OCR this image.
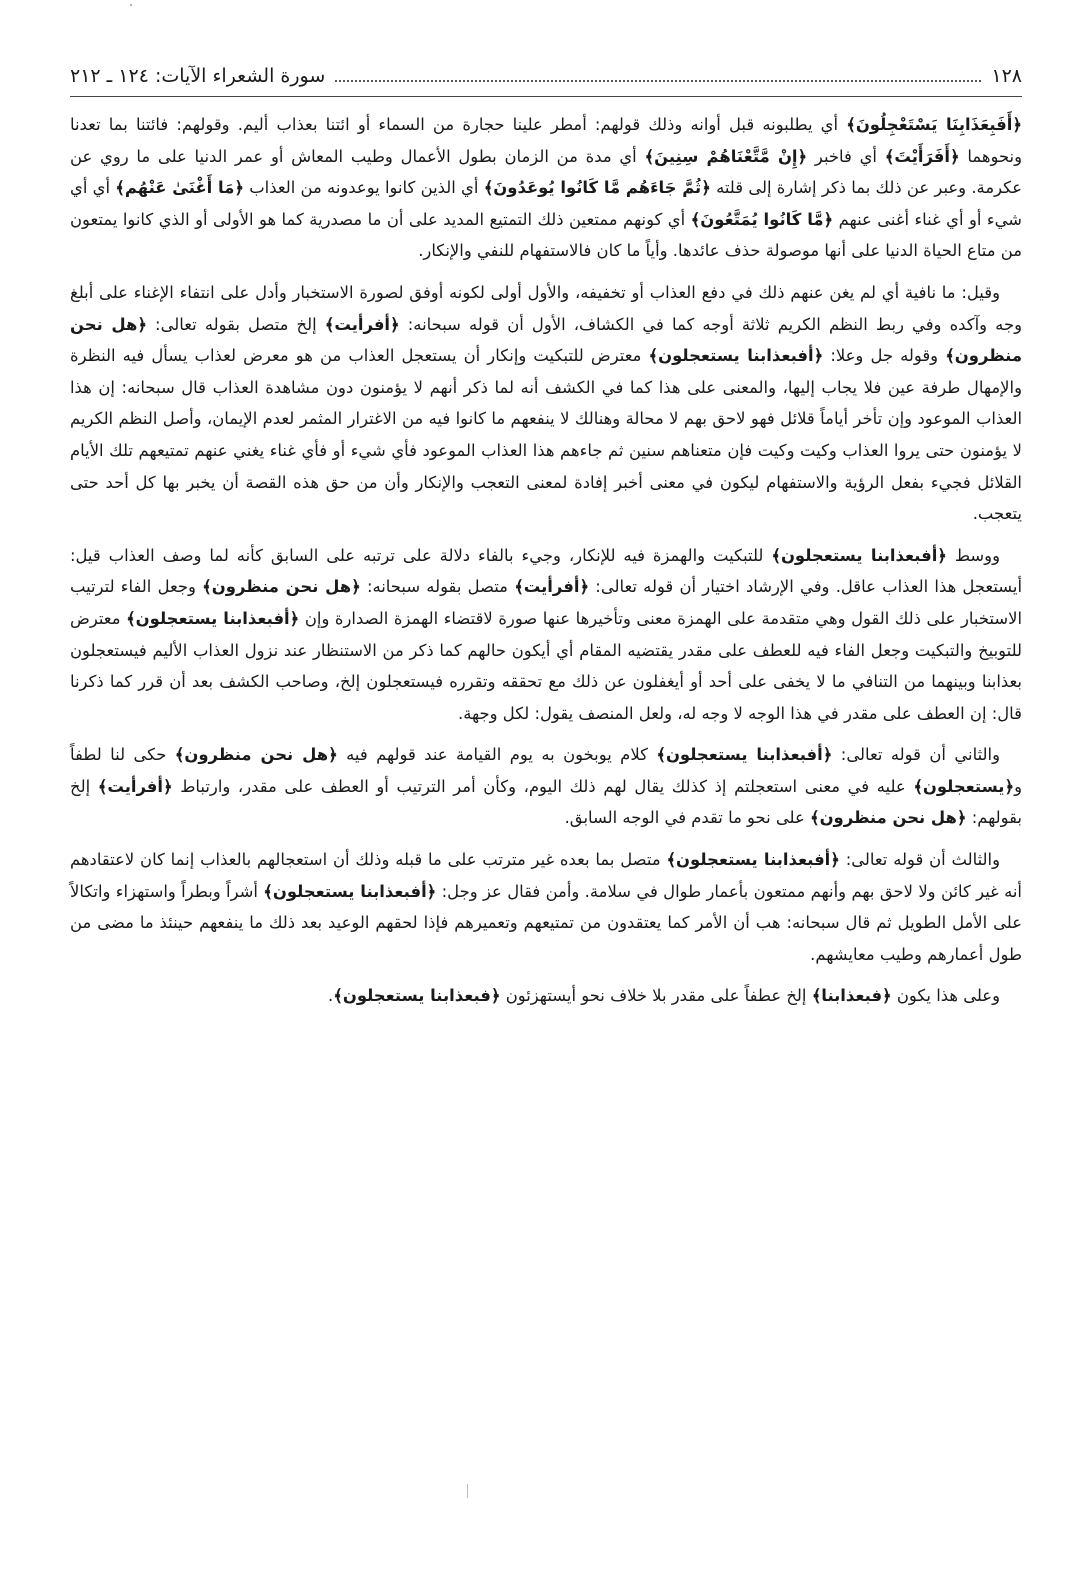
١٢٨
سورة الشعراء الآيات: ١٢٤ ـ ٢١٢

﴿أَفَبِعَذَابِنَا يَسْتَعْجِلُونَ﴾ أي يطلبونه قبل أوانه وذلك قولهم: أمطر علينا حجارة من السماء أو ائتنا بعذاب أليم. وقولهم: فائتنا بما تعدنا ونحوهما ﴿أَفَرَأَيْتَ﴾ أي فاخبر ﴿إِنْ مَّتَّعْنَاهُمْ سِنِينَ﴾ أي مدة من الزمان بطول الأعمال وطيب المعاش أو عمر الدنيا على ما روي عن عكرمة. وعبر عن ذلك بما ذكر إشارة إلى قلته ﴿ثُمَّ جَاءَهُم مَّا كَانُوا يُوعَدُونَ﴾ أي الذين كانوا يوعدونه من العذاب ﴿مَا أَغْنَىٰ عَنْهُم﴾ أي أي شيء أو أي غناء أغنى عنهم ﴿مَّا كَانُوا يُمَتَّعُونَ﴾ أي كونهم ممتعين ذلك التمتيع المديد على أن ما مصدرية كما هو الأولى أو الذي كانوا يمتعون من متاع الحياة الدنيا على أنها موصولة حذف عائدها. وأياً ما كان فالاستفهام للنفي والإنكار.

وقيل: ما نافية أي لم يغن عنهم ذلك في دفع العذاب أو تخفيفه، والأول أولى لكونه أوفق لصورة الاستخبار وأدل على انتفاء الإغناء على أبلغ وجه وآكده وفي ربط النظم الكريم ثلاثة أوجه كما في الكشاف، الأول أن قوله سبحانه: ﴿أفرأيت﴾ إلخ متصل بقوله تعالى: ﴿هل نحن منظرون﴾ وقوله جل وعلا: ﴿أفبعذابنا يستعجلون﴾ معترض للتبكيت وإنكار أن يستعجل العذاب من هو معرض لعذاب يسأل فيه النظرة والإمهال طرفة عين فلا يجاب إليها، والمعنى على هذا كما في الكشف أنه لما ذكر أنهم لا يؤمنون دون مشاهدة العذاب قال سبحانه: إن هذا العذاب الموعود وإن تأخر أياماً قلائل فهو لاحق بهم لا محالة وهنالك لا ينفعهم ما كانوا فيه من الاغترار المثمر لعدم الإيمان، وأصل النظم الكريم لا يؤمنون حتى يروا العذاب وكيت وكيت فإن متعناهم سنين ثم جاءهم هذا العذاب الموعود فأي شيء أو فأي غناء يغني عنهم تمتيعهم تلك الأيام القلائل فجيء بفعل الرؤية والاستفهام ليكون في معنى أخبر إفادة لمعنى التعجب والإنكار وأن من حق هذه القصة أن يخبر بها كل أحد حتى يتعجب.

ووسط ﴿أفبعذابنا يستعجلون﴾ للتبكيت والهمزة فيه للإنكار، وجيء بالفاء دلالة على ترتبه على السابق كأنه لما وصف العذاب قيل: أيستعجل هذا العذاب عاقل. وفي الإرشاد اختيار أن قوله تعالى: ﴿أفرأيت﴾ متصل بقوله سبحانه: ﴿هل نحن منظرون﴾ وجعل الفاء لترتيب الاستخبار على ذلك القول وهي متقدمة على الهمزة معنى وتأخيرها عنها صورة لاقتضاء الهمزة الصدارة وإن ﴿أفبعذابنا يستعجلون﴾ معترض للتوبيخ والتبكيت وجعل الفاء فيه للعطف على مقدر يقتضيه المقام أي أيكون حالهم كما ذكر من الاستنظار عند نزول العذاب الأليم فيستعجلون بعذابنا وبينهما من التنافي ما لا يخفى على أحد أو أيغفلون عن ذلك مع تحققه وتقرره فيستعجلون إلخ، وصاحب الكشف بعد أن قرر كما ذكرنا قال: إن العطف على مقدر في هذا الوجه لا وجه له، ولعل المنصف يقول: لكل وجهة.

والثاني أن قوله تعالى: ﴿أفبعذابنا يستعجلون﴾ كلام يوبخون به يوم القيامة عند قولهم فيه ﴿هل نحن منظرون﴾ حكى لنا لطفاً و﴿يستعجلون﴾ عليه في معنى استعجلتم إذ كذلك يقال لهم ذلك اليوم، وكأن أمر الترتيب أو العطف على مقدر، وارتباط ﴿أفرأيت﴾ إلخ بقولهم: ﴿هل نحن منظرون﴾ على نحو ما تقدم في الوجه السابق.

والثالث أن قوله تعالى: ﴿أفبعذابنا يستعجلون﴾ متصل بما بعده غير مترتب على ما قبله وذلك أن استعجالهم بالعذاب إنما كان لاعتقادهم أنه غير كائن ولا لاحق بهم وأنهم ممتعون بأعمار طوال في سلامة. وأمن فقال عز وجل: ﴿أفبعذابنا يستعجلون﴾ أشراً وبطراً واستهزاء واتكالاً على الأمل الطويل ثم قال سبحانه: هب أن الأمر كما يعتقدون من تمتيعهم وتعميرهم فإذا لحقهم الوعيد بعد ذلك ما ينفعهم حينئذ ما مضى من طول أعمارهم وطيب معايشهم.

وعلى هذا يكون ﴿فبعذابنا﴾ إلخ عطفاً على مقدر بلا خلاف نحو أيستهزئون ﴿فبعذابنا يستعجلون﴾.
